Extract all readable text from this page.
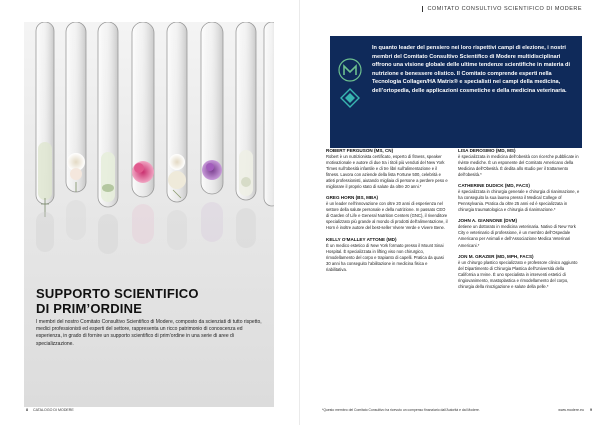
SUPPORTO SCIENTIFICO
DI PRIM’ORDINE

I membri del nostro Comitato Consultivo Scientifico di Modere, composto da scienziati di tutto rispetto, medici professionisti ed esperti del settore, rappresenta un ricco patrimonio di conoscenza ed esperienza, in grado di fornire un supporto scientifico di prim’ordine in una serie di aree di specializzazione.

8 CATALOGO DI MODERE
COMITATO CONSULTIVO SCIENTIFICO DI MODERE

In quanto leader del pensiero nei loro rispettivi campi di elezione, i nostri membri del Comitato Consultivo Scientifico di Modere multidisciplinari offrono una visione globale delle ultime tendenze scientifiche in materia di nutrizione e benessere olistico. Il Comitato comprende esperti nella Tecnologia Collagen/HA Matrix® e specialisti nei campi della medicina, dell’ortopedia, delle applicazioni cosmetiche e della medicina veterinaria.

ROBERT FERGUSON (MS, CN)
Robert è un nutrizionista certificato, esperto di fitness, speaker motivazionale e autore di due tra i titoli più venduti del New York Times sull’obesità infantile e di tre libri sull’alimentazione e il fitness. Lavora con aziende della lista Fortune 500, celebrità e atleti professionisti, aiutando migliaia di persone a perdere peso e migliorare il proprio stato di salute da oltre 20 anni.*
GREG HORN (BS, MBA)
è un leader nell’innovazione con oltre 20 anni di esperienza nel settore della salute personale e della nutrizione. In passato CEO di Garden of Life e General Nutrition Centers (GNC), il rivenditore specializzato più grande al mondo di prodotti dell’alimentazione, il Horn è inoltre autore del best-seller Vivere Verde e Vivere Bene.
KELLY O’MALLEY ATTONE (MD)
È un medico estetico di New York formato presso il Mount Sinai Hospital. È specializzata in lifting viso non chirurgico, rimodellamento del corpo e trapianto di capelli. Pratica da quasi 30 anni ha conseguito l’abilitazione in medicina fisica e riabilitativa.
LISA DEROSIMO (MD, MS)
è specializzata in medicina dell’obesità con ricerche pubblicate in riviste mediche. È un esponente del Comitato Americano della Medicina dell’Obesità. È dedita allo studio per il trattamento dell’obesità.*
CATHERINE DUDICK (MD, FACS)
è specializzata in chirurgia generale e chirurgia di rianimazione, e ha conseguito la sua laurea presso il Medical College of Pennsylvania. Pratica da oltre 25 anni ed è specializzata in chirurgia traumatologica e chirurgia di rianimazione.*
JOHN A. GIANNONE (DVM)
detiene un dottorato in medicina veterinaria. Nativo di New York City e veterinario di professione, è un membro dell’Ospedale Americano per Animali e dell’Associazione Medica Veterinari Americani.*
JON M. GRAZER (MD, MPH, FACS)
è un chirurgo plastico specializzato e professore clinico aggiunto del Dipartimento di Chirurgia Plastica dell’Università della California a Irvine. È uno specialista in interventi estetici di ringiovanimento, mastoplastica e rimodellamento del corpo, chirurgia della rinozigazione e salute della pelle.*
*Questo membro del Comitato Consultivo ha ricevuto un compenso finanziario dall'Autorità e dal Modere.	www.modere.eu 9
